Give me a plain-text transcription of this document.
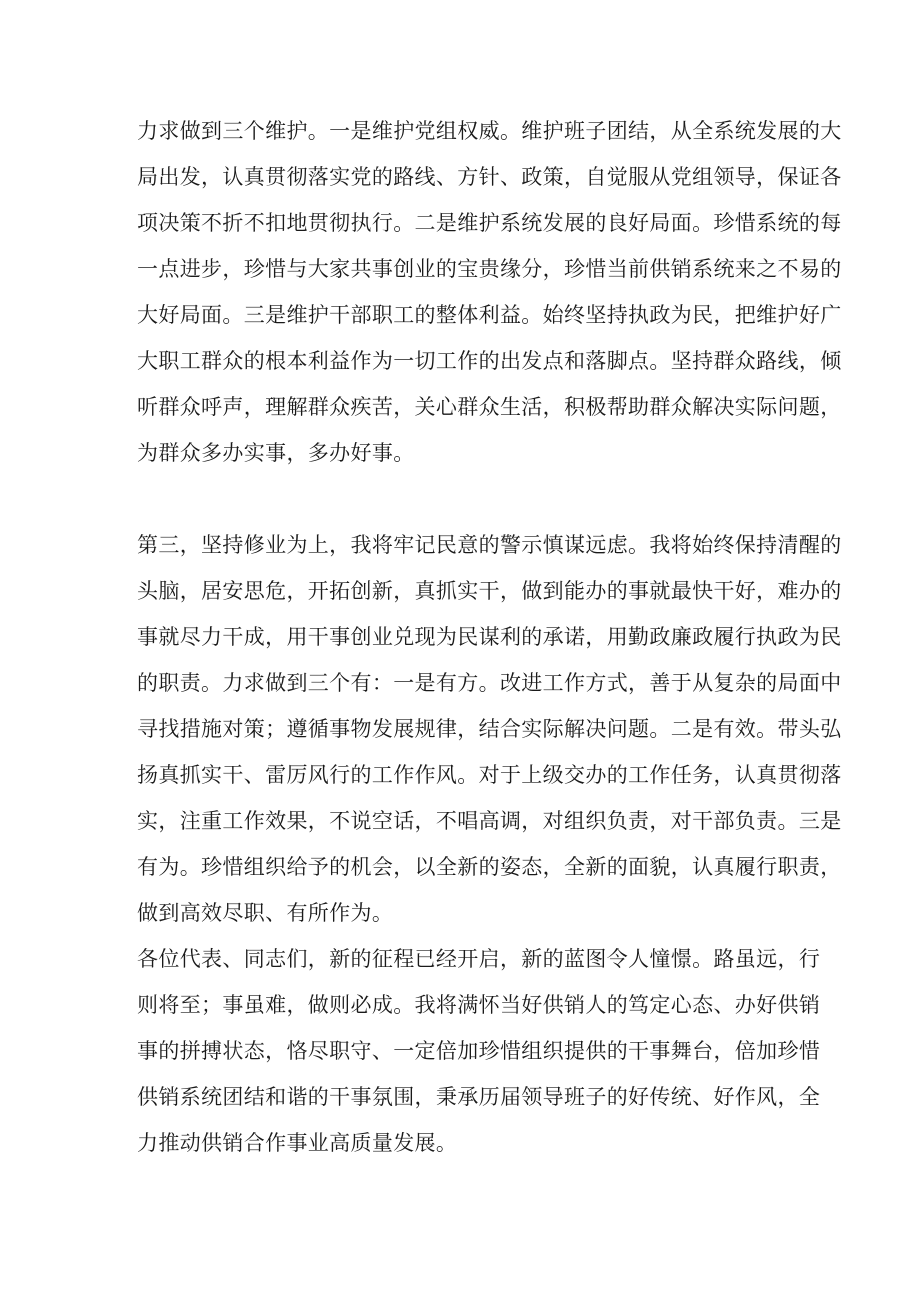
力求做到三个维护。一是维护党组权威。维护班子团结，从全系统发展的大
局出发，认真贯彻落实党的路线、方针、政策，自觉服从党组领导，保证各
项决策不折不扣地贯彻执行。二是维护系统发展的良好局面。珍惜系统的每
一点进步，珍惜与大家共事创业的宝贵缘分，珍惜当前供销系统来之不易的
大好局面。三是维护干部职工的整体利益。始终坚持执政为民，把维护好广
大职工群众的根本利益作为一切工作的出发点和落脚点。坚持群众路线，倾
听群众呼声，理解群众疾苦，关心群众生活，积极帮助群众解决实际问题，
为群众多办实事，多办好事。
第三，坚持修业为上，我将牢记民意的警示慎谋远虑。我将始终保持清醒的
头脑，居安思危，开拓创新，真抓实干，做到能办的事就最快干好，难办的
事就尽力干成，用干事创业兑现为民谋利的承诺，用勤政廉政履行执政为民
的职责。力求做到三个有：一是有方。改进工作方式，善于从复杂的局面中
寻找措施对策；遵循事物发展规律，结合实际解决问题。二是有效。带头弘
扬真抓实干、雷厉风行的工作作风。对于上级交办的工作任务，认真贯彻落
实，注重工作效果，不说空话，不唱高调，对组织负责，对干部负责。三是
有为。珍惜组织给予的机会，以全新的姿态，全新的面貌，认真履行职责，
做到高效尽职、有所作为。
各位代表、同志们，新的征程已经开启，新的蓝图令人憧憬。路虽远，行
则将至；事虽难，做则必成。我将满怀当好供销人的笃定心态、办好供销
事的拼搏状态，恪尽职守、一定倍加珍惜组织提供的干事舞台，倍加珍惜
供销系统团结和谐的干事氛围，秉承历届领导班子的好传统、好作风，全
力推动供销合作事业高质量发展。
